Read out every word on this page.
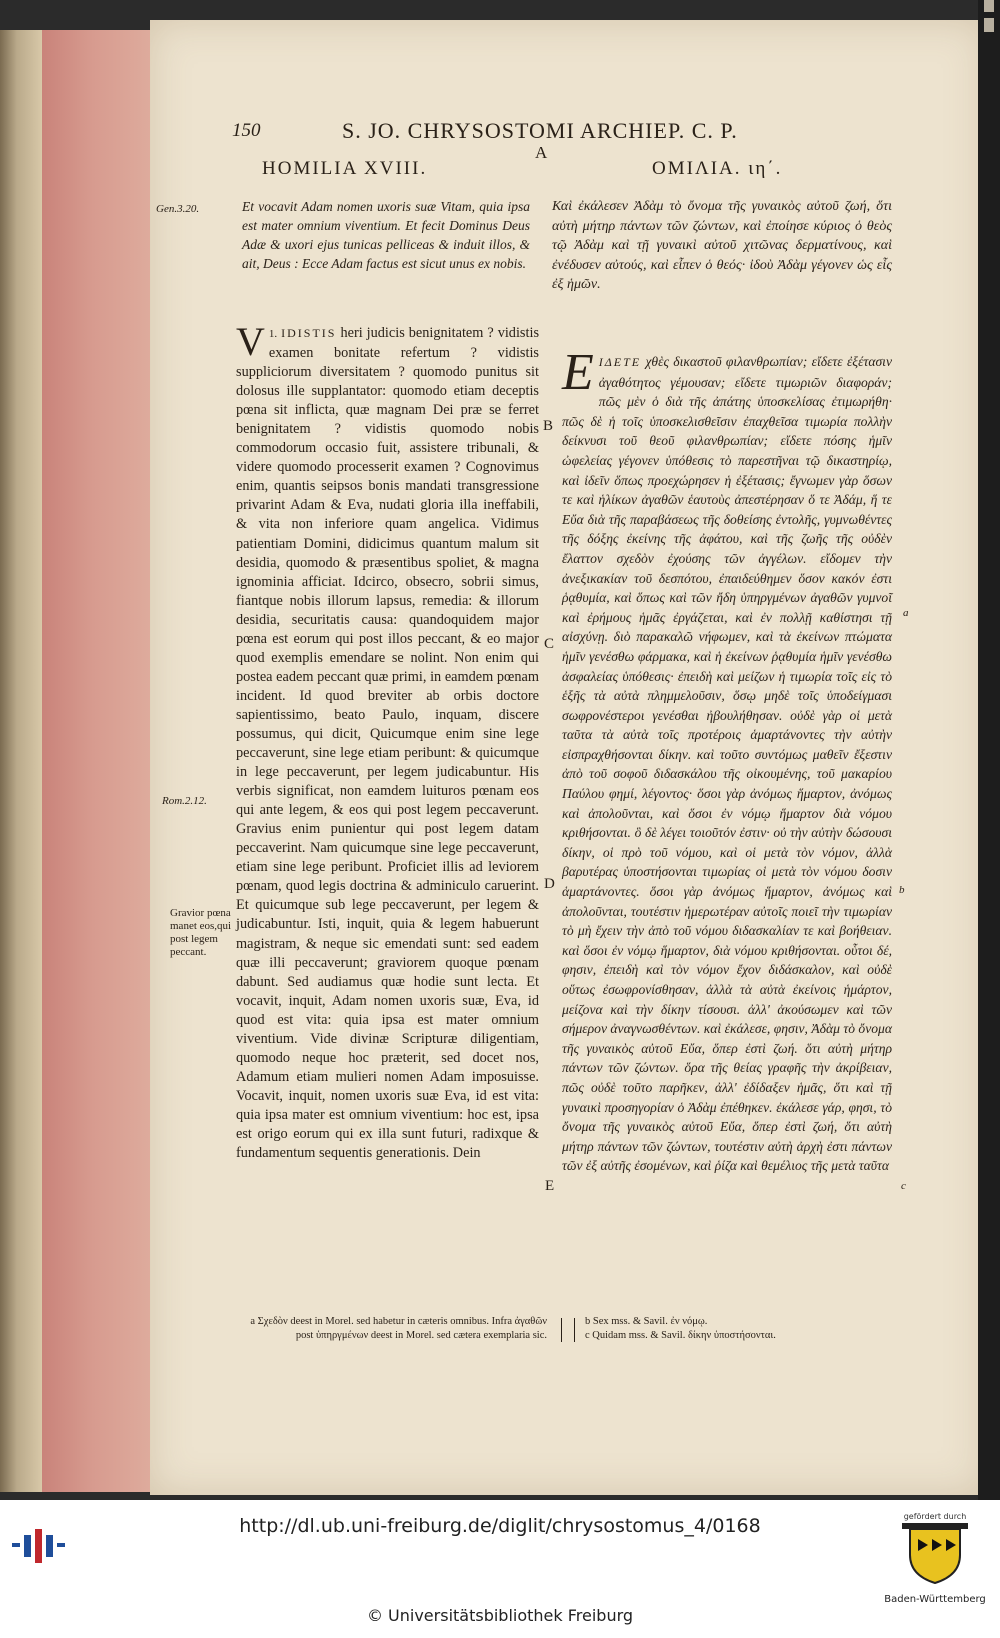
150	S. JO. CHRYSOSTOMI ARCHIEP. C. P.
A
HOMILIA XVIII.	ΟΜΙΛΙΑ. ιη΄.
Gen.3.20.
Rom.2.12.
Gravior pœna manet eos,qui post legem peccant.
Et vocavit Adam nomen uxoris suæ Vitam, quia ipsa est mater omnium viventium. Et fecit Dominus Deus Adæ & uxori ejus tunicas pelliceas & induit illos, & ait, Deus : Ecce Adam factus est sicut unus ex nobis.
Καὶ ἐκάλεσεν Ἀδὰμ τὸ ὄνομα τῆς γυναικὸς αὐτοῦ ζωή, ὅτι αὐτὴ μήτηρ πάντων τῶν ζώντων, καὶ ἐποίησε κύριος ὁ θεὸς τῷ Ἀδὰμ καὶ τῇ γυναικὶ αὐτοῦ χιτῶνας δερματίνους, καὶ ἐνέδυσεν αὐτούς, καὶ εἶπεν ὁ θεός· ἰδοὺ Ἀδὰμ γέγονεν ὡς εἷς ἐξ ἡμῶν.

V 1. IDISTIS heri judicis benignitatem ? vidistis examen bonitate refertum ? vidistis suppliciorum diversitatem ? quomodo punitus sit dolosus ille supplantator: quomodo etiam deceptis pœna sit inflicta, quæ magnam Dei præ se ferret benignitatem ? vidistis quomodo nobis commodorum occasio fuit, assistere tribunali, & videre quomodo processerit examen ? Cognovimus enim, quantis seipsos bonis mandati transgressione privarint Adam & Eva, nudati gloria illa ineffabili, & vita non inferiore quam angelica. Vidimus patientiam Domini, didicimus quantum malum sit desidia, quomodo & præsentibus spoliet, & magna ignominia afficiat. Idcirco, obsecro, sobrii simus, fiantque nobis illorum lapsus, remedia: & illorum desidia, securitatis causa: quandoquidem major pœna est eorum qui post illos peccant, & eo major quod exemplis emendare se nolint. Non enim qui postea eadem peccant quæ primi, in eamdem pœnam incident. Id quod breviter ab orbis doctore sapientissimo, beato Paulo, inquam, discere possumus, qui dicit, Quicumque enim sine lege peccaverunt, sine lege etiam peribunt: & quicumque in lege peccaverunt, per legem judicabuntur. His verbis significat, non eamdem luituros pœnam eos qui ante legem, & eos qui post legem peccaverunt. Gravius enim punientur qui post legem datam peccaverint. Nam quicumque sine lege peccaverunt, etiam sine lege peribunt. Proficiet illis ad leviorem pœnam, quod legis doctrina & adminiculo caruerint. Et quicumque sub lege peccaverunt, per legem & judicabuntur. Isti, inquit, quia & legem habuerunt magistram, & neque sic emendati sunt: sed eadem quæ illi peccaverunt; graviorem quoque pœnam dabunt. Sed audiamus quæ hodie sunt lecta. Et vocavit, inquit, Adam nomen uxoris suæ, Eva, id quod est vita: quia ipsa est mater omnium viventium. Vide divinæ Scripturæ diligentiam, quomodo neque hoc præterit, sed docet nos, Adamum etiam mulieri nomen Adam imposuisse. Vocavit, inquit, nomen uxoris suæ Eva, id est vita: quia ipsa mater est omnium viventium: hoc est, ipsa est origo eorum qui ex illa sunt futuri, radixque & fundamentum sequentis generationis. Dein

Ε ΙΔΕΤΕ χθὲς δικαστοῦ φιλανθρωπίαν; εἴδετε ἐξέτασιν ἀγαθότητος γέμουσαν; εἴδετε τιμωριῶν διαφοράν; πῶς μὲν ὁ διὰ τῆς ἀπάτης ὑποσκελίσας ἐτιμωρήθη· πῶς δὲ ἡ τοῖς ὑποσκελισθεῖσιν ἐπαχθεῖσα τιμωρία πολλὴν δείκνυσι τοῦ θεοῦ φιλανθρωπίαν; εἴδετε πόσης ἡμῖν ὠφελείας γέγονεν ὑπόθεσις τὸ παρεστῆναι τῷ δικαστηρίῳ, καὶ ἰδεῖν ὅπως προεχώρησεν ἡ ἐξέτασις; ἔγνωμεν γὰρ ὅσων τε καὶ ἡλίκων ἀγαθῶν ἑαυτοὺς ἀπεστέρησαν ὅ τε Ἀδάμ, ἥ τε Εὔα διὰ τῆς παραβάσεως τῆς δοθείσης ἐντολῆς, γυμνωθέντες τῆς δόξης ἐκείνης τῆς ἀφάτου, καὶ τῆς ζωῆς τῆς οὐδὲν ἔλαττον σχεδὸν ἐχούσης τῶν ἀγγέλων. εἴδομεν τὴν ἀνεξικακίαν τοῦ δεσπότου, ἐπαιδεύθημεν ὅσον κακόν ἐστι ῥᾳθυμία, καὶ ὅπως καὶ τῶν ἤδη ὑπηργμένων ἀγαθῶν γυμνοῖ καὶ ἐρήμους ἡμᾶς ἐργάζεται, καὶ ἐν πολλῇ καθίστησι τῇ αἰσχύνῃ. διὸ παρακαλῶ νήφωμεν, καὶ τὰ ἐκείνων πτώματα ἡμῖν γενέσθω φάρμακα, καὶ ἡ ἐκείνων ῥᾳθυμία ἡμῖν γενέσθω ἀσφαλείας ὑπόθεσις· ἐπειδὴ καὶ μείζων ἡ τιμωρία τοῖς εἰς τὸ ἑξῆς τὰ αὐτὰ πλημμελοῦσιν, ὅσῳ μηδὲ τοῖς ὑποδείγμασι σωφρονέστεροι γενέσθαι ἠβουλήθησαν. οὐδὲ γὰρ οἱ μετὰ ταῦτα τὰ αὐτὰ τοῖς προτέροις ἁμαρτάνοντες τὴν αὐτὴν εἰσπραχθήσονται δίκην. καὶ τοῦτο συντόμως μαθεῖν ἔξεστιν ἀπὸ τοῦ σοφοῦ διδασκάλου τῆς οἰκουμένης, τοῦ μακαρίου Παύλου φημί, λέγοντος· ὅσοι γὰρ ἀνόμως ἥμαρτον, ἀνόμως καὶ ἀπολοῦνται, καὶ ὅσοι ἐν νόμῳ ἥμαρτον διὰ νόμου κριθήσονται. ὃ δὲ λέγει τοιοῦτόν ἐστιν· οὐ τὴν αὐτὴν δώσουσι δίκην, οἱ πρὸ τοῦ νόμου, καὶ οἱ μετὰ τὸν νόμον, ἀλλὰ βαρυτέρας ὑποστήσονται τιμωρίας οἱ μετὰ τὸν νόμου δοσιν ἁμαρτάνοντες. ὅσοι γὰρ ἀνόμως ἥμαρτον, ἀνόμως καὶ ἀπολοῦνται, τουτέστιν ἡμερωτέραν αὐτοῖς ποιεῖ τὴν τιμωρίαν τὸ μὴ ἔχειν τὴν ἀπὸ τοῦ νόμου διδασκαλίαν τε καὶ βοήθειαν. καὶ ὅσοι ἐν νόμῳ ἥμαρτον, διὰ νόμου κριθήσονται. οὗτοι δέ, φησιν, ἐπειδὴ καὶ τὸν νόμον ἔχον διδάσκαλον, καὶ οὐδὲ οὕτως ἐσωφρονίσθησαν, ἀλλὰ τὰ αὐτὰ ἐκείνοις ἡμάρτον, μείζονα καὶ τὴν δίκην τίσουσι. ἀλλ' ἀκούσωμεν καὶ τῶν σήμερον ἀναγνωσθέντων. καὶ ἐκάλεσε, φησιν, Ἀδὰμ τὸ ὄνομα τῆς γυναικὸς αὐτοῦ Εὔα, ὅπερ ἐστὶ ζωή. ὅτι αὐτὴ μήτηρ πάντων τῶν ζώντων. ὅρα τῆς θείας γραφῆς τὴν ἀκρίβειαν, πῶς οὐδὲ τοῦτο παρῆκεν, ἀλλ' ἐδίδαξεν ἡμᾶς, ὅτι καὶ τῇ γυναικὶ προσηγορίαν ὁ Ἀδὰμ ἐπέθηκεν. ἐκάλεσε γάρ, φησι, τὸ ὄνομα τῆς γυναικὸς αὐτοῦ Εὔα, ὅπερ ἐστὶ ζωή, ὅτι αὐτὴ μήτηρ πάντων τῶν ζώντων, τουτέστιν αὐτὴ ἀρχὴ ἐστι πάντων τῶν ἐξ αὐτῆς ἐσομένων, καὶ ῥίζα καὶ θεμέλιος τῆς μετὰ ταῦτα

B
C
D
E
a
b
c
a Σχεδὸν deest in Morel. sed habetur in cæteris omnibus. Infra ἀγαθῶν post ὑπηργμένων deest in Morel. sed cætera exemplaria sic.
b Sex mss. & Savil. ἐν νόμῳ.
c Quidam mss. & Savil. δίκην ὑποστήσονται.
http://dl.ub.uni-freiburg.de/diglit/chrysostomus_4/0168
© Universitätsbibliothek Freiburg
gefördert durch
Baden-Württemberg
